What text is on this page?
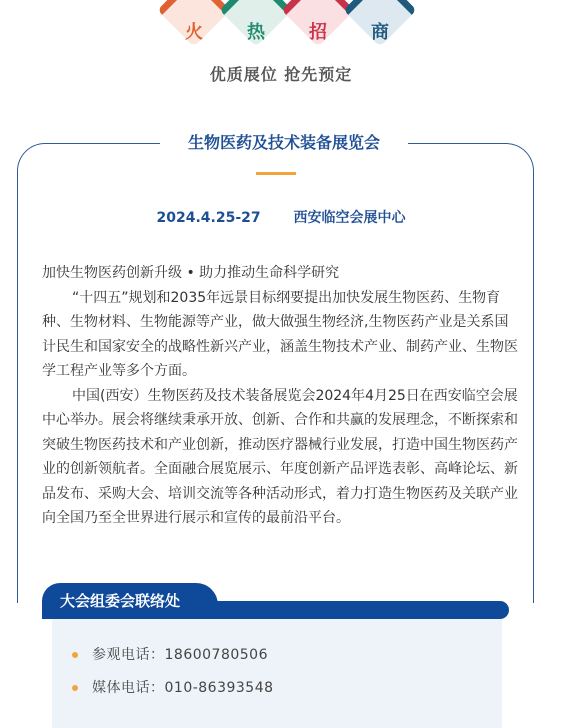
火	热	招	商
优质展位 抢先预定
生物医药及技术装备展览会
2024.4.25-27 西安临空会展中心

加快生物医药创新升级 • 助力推动生命科学研究

“十四五”规划和2035年远景目标纲要提出加快发展生物医药、生物育种、生物材料、生物能源等产业，做大做强生物经济,生物医药产业是关系国计民生和国家安全的战略性新兴产业，涵盖生物技术产业、制药产业、生物医学工程产业等多个方面。

中国(西安）生物医药及技术装备展览会2024年4月25日在西安临空会展中心举办。展会将继续秉承开放、创新、合作和共赢的发展理念，不断探索和突破生物医药技术和产业创新，推动医疗器械行业发展，打造中国生物医药产业的创新领航者。全面融合展览展示、年度创新产品评选表彰、高峰论坛、新品发布、采购大会、培训交流等各种活动形式，着力打造生物医药及关联产业向全国乃至全世界进行展示和宣传的最前沿平台。

大会组委会联络处
参观电话：18600780506
媒体电话：010-86393548
